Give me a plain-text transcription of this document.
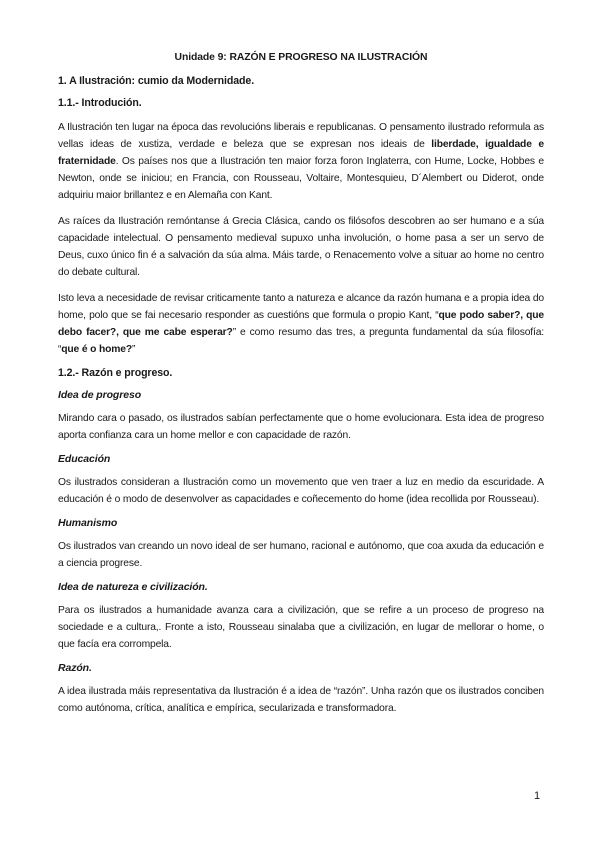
Unidade 9: RAZÓN E PROGRESO NA ILUSTRACIÓN
1. A Ilustración: cumio da Modernidade.
1.1.- Introdución.

A Ilustración ten lugar na época das revolucións liberais e republicanas. O pensamento ilustrado reformula as vellas ideas de xustiza, verdade e beleza que se expresan nos ideais de liberdade, igualdade e fraternidade. Os países nos que a Ilustración ten maior forza foron Inglaterra, con Hume, Locke, Hobbes e Newton, onde se iniciou; en Francia, con Rousseau, Voltaire, Montesquieu, D´Alembert ou Diderot, onde adquiriu maior brillantez e en Alemaña con Kant.

As raíces da Ilustración remóntanse á Grecia Clásica, cando os filósofos descobren ao ser humano e a súa capacidade intelectual. O pensamento medieval supuxo unha involución, o home pasa a ser un servo de Deus, cuxo único fin é a salvación da súa alma. Máis tarde, o Renacemento volve a situar ao home no centro do debate cultural.

Isto leva a necesidade de revisar criticamente tanto a natureza e alcance da razón humana e a propia idea do home, polo que se fai necesario responder as cuestións que formula o propio Kant, “que podo saber?, que debo facer?, que me cabe esperar?” e como resumo das tres, a pregunta fundamental da súa filosofía: “que é o home?”

1.2.- Razón e progreso.
Idea de progreso

Mirando cara o pasado, os ilustrados sabían perfectamente que o home evolucionara. Esta idea de progreso aporta confianza cara un home mellor e con capacidade de razón.

Educación

Os ilustrados consideran a Ilustración como un movemento que ven traer a luz en medio da escuridade. A educación é o modo de desenvolver as capacidades e coñecemento do home (idea recollida por Rousseau).

Humanismo

Os ilustrados van creando un novo ideal de ser humano, racional e autónomo, que coa axuda da educación e a ciencia progrese.

Idea de natureza e civilización.

Para os ilustrados a humanidade avanza cara a civilización, que se refire a un proceso de progreso na sociedade e a cultura,. Fronte a isto, Rousseau sinalaba que a civilización, en lugar de mellorar o home, o que facía era corrompela.

Razón.

A idea ilustrada máis representativa da Ilustración é a idea de “razón”. Unha razón que os ilustrados conciben como autónoma, crítica, analítica e empírica, secularizada e transformadora.

1
